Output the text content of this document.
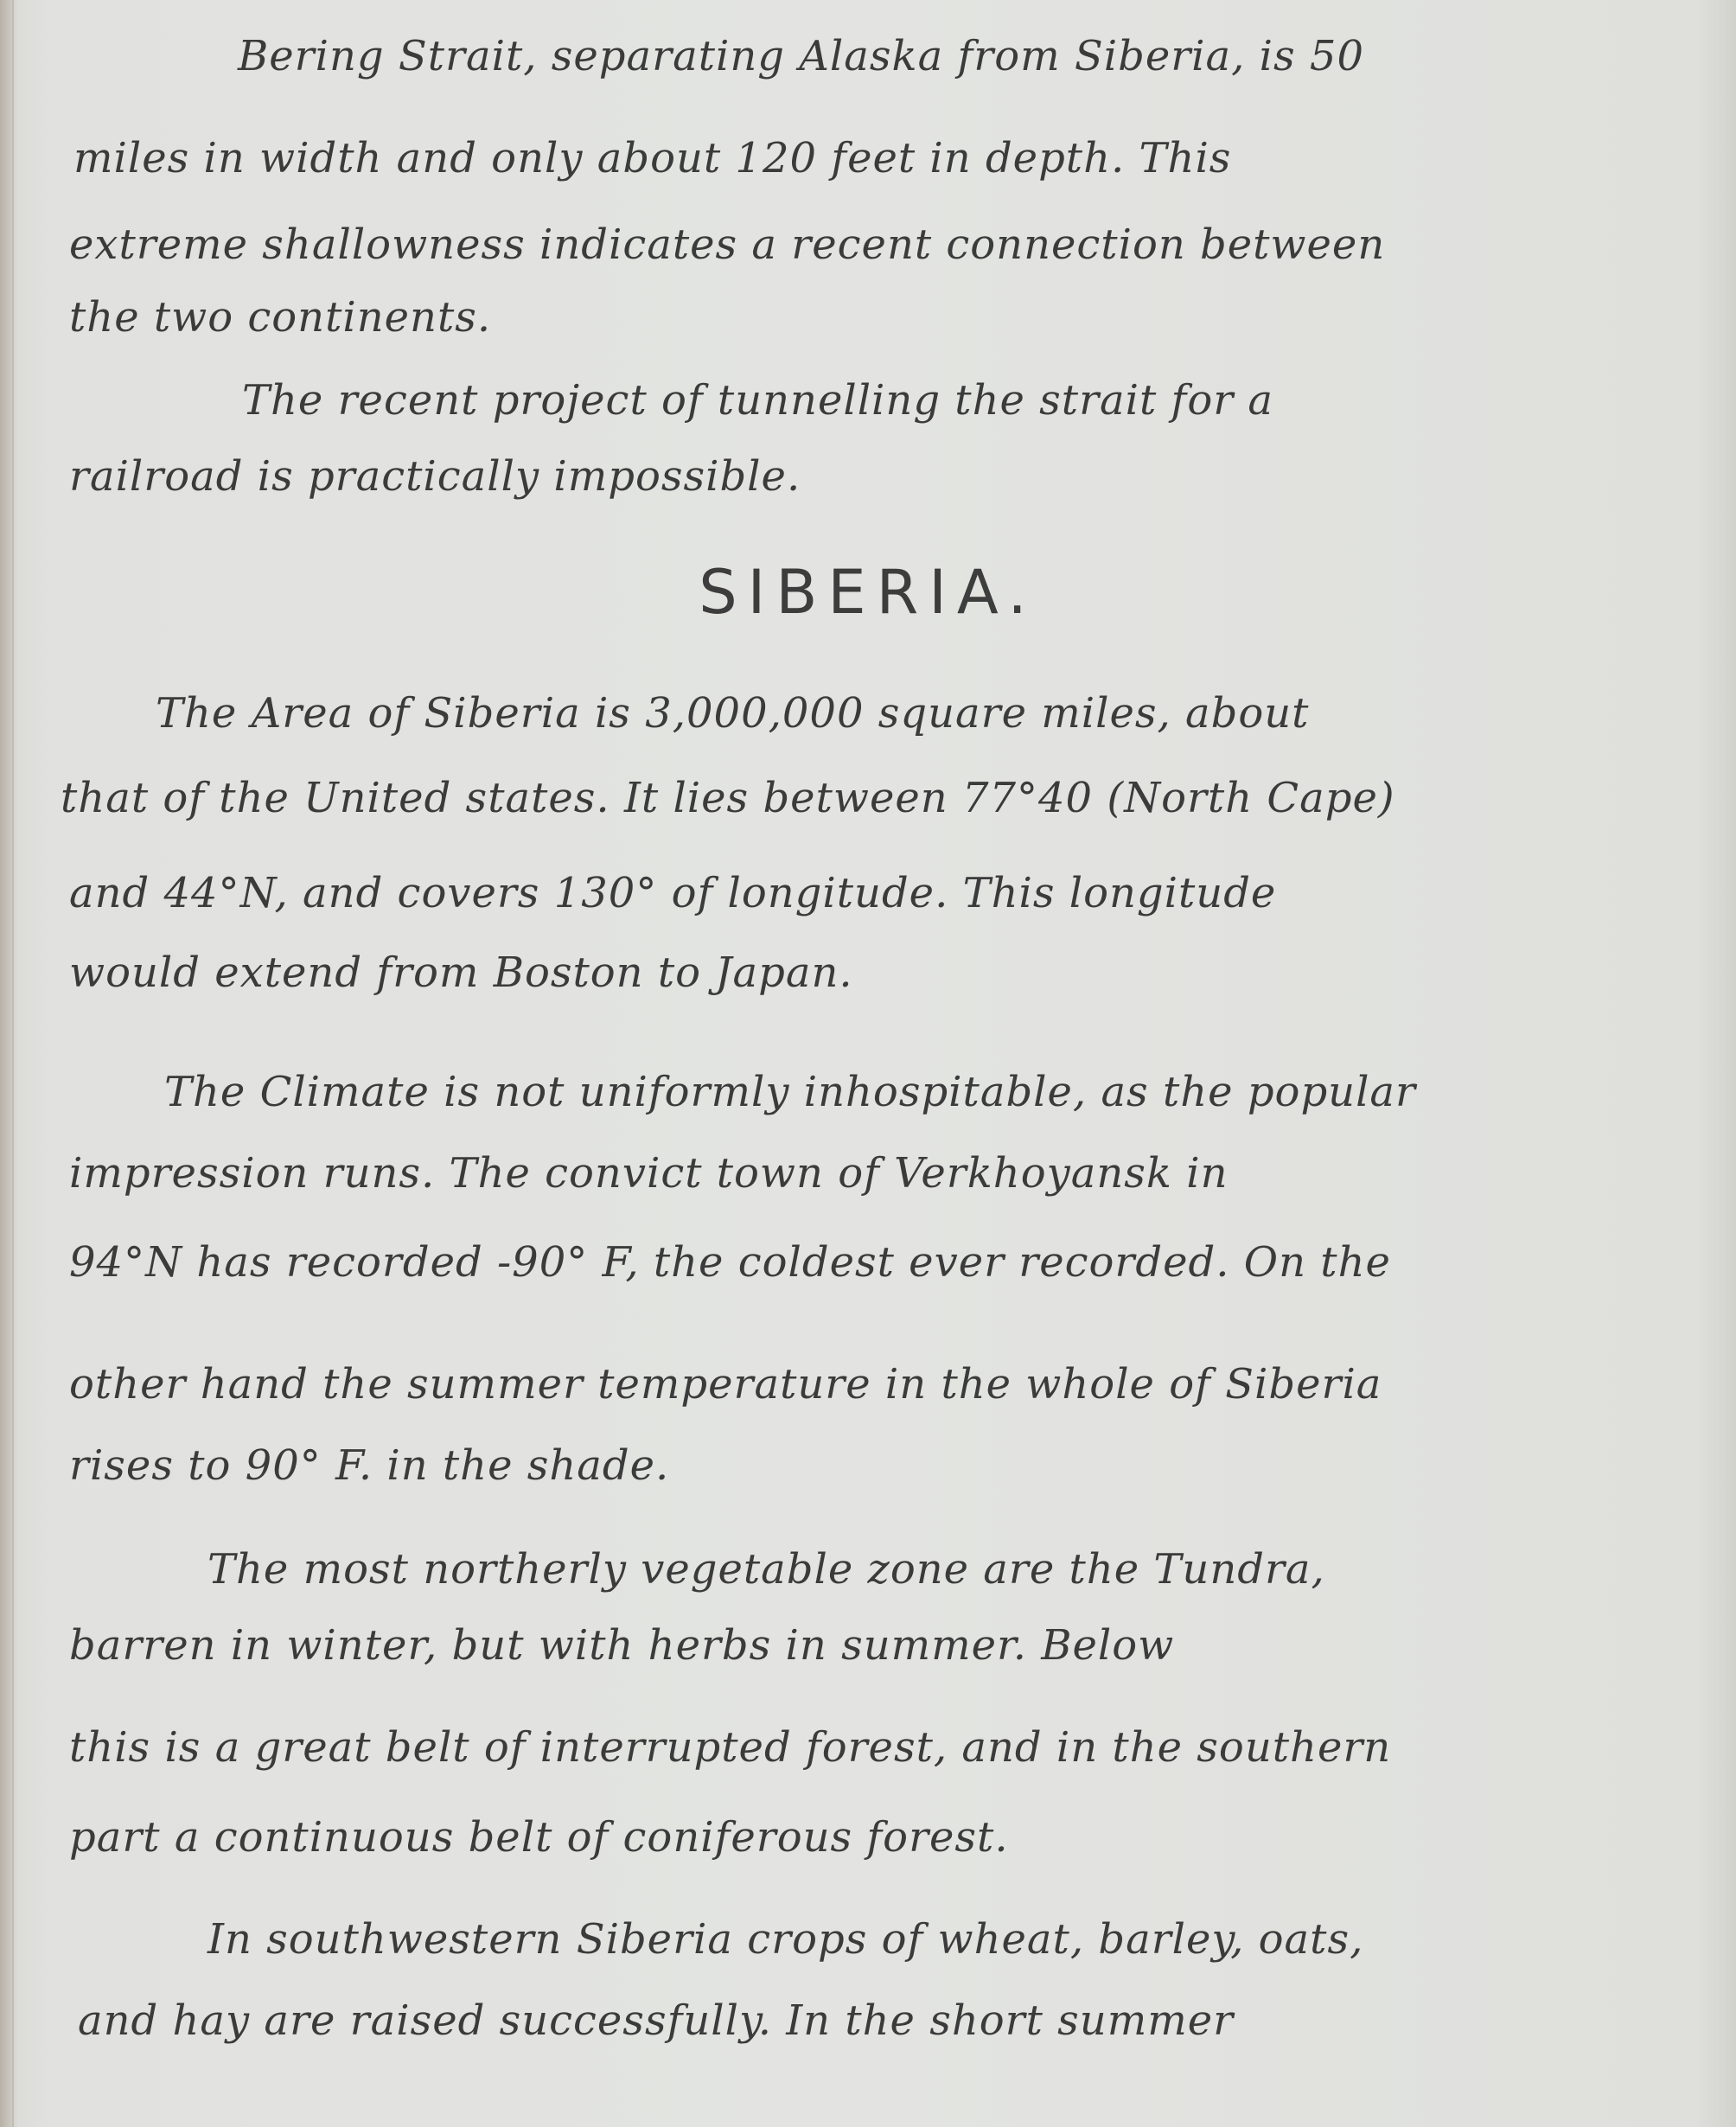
Bering Strait, separating Alaska from Siberia, is 50

miles in width and only about 120 feet in depth. This

extreme shallowness indicates a recent connection between

the two continents.

The recent project of tunnelling the strait for a

railroad is practically impossible.

SIBERIA.

The Area of Siberia is 3,000,000 square miles, about

that of the United states. It lies between 77°40 (North Cape)

and 44°N, and covers 130° of longitude. This longitude

would extend from Boston to Japan.

The Climate is not uniformly inhospitable, as the popular

impression runs. The convict town of Verkhoyansk in

94°N has recorded -90° F, the coldest ever recorded. On the

other hand the summer temperature in the whole of Siberia

rises to 90° F. in the shade.

The most northerly vegetable zone are the Tundra,

barren in winter, but with herbs in summer. Below

this is a great belt of interrupted forest, and in the southern

part a continuous belt of coniferous forest.

In southwestern Siberia crops of wheat, barley, oats,

and hay are raised successfully. In the short summer
